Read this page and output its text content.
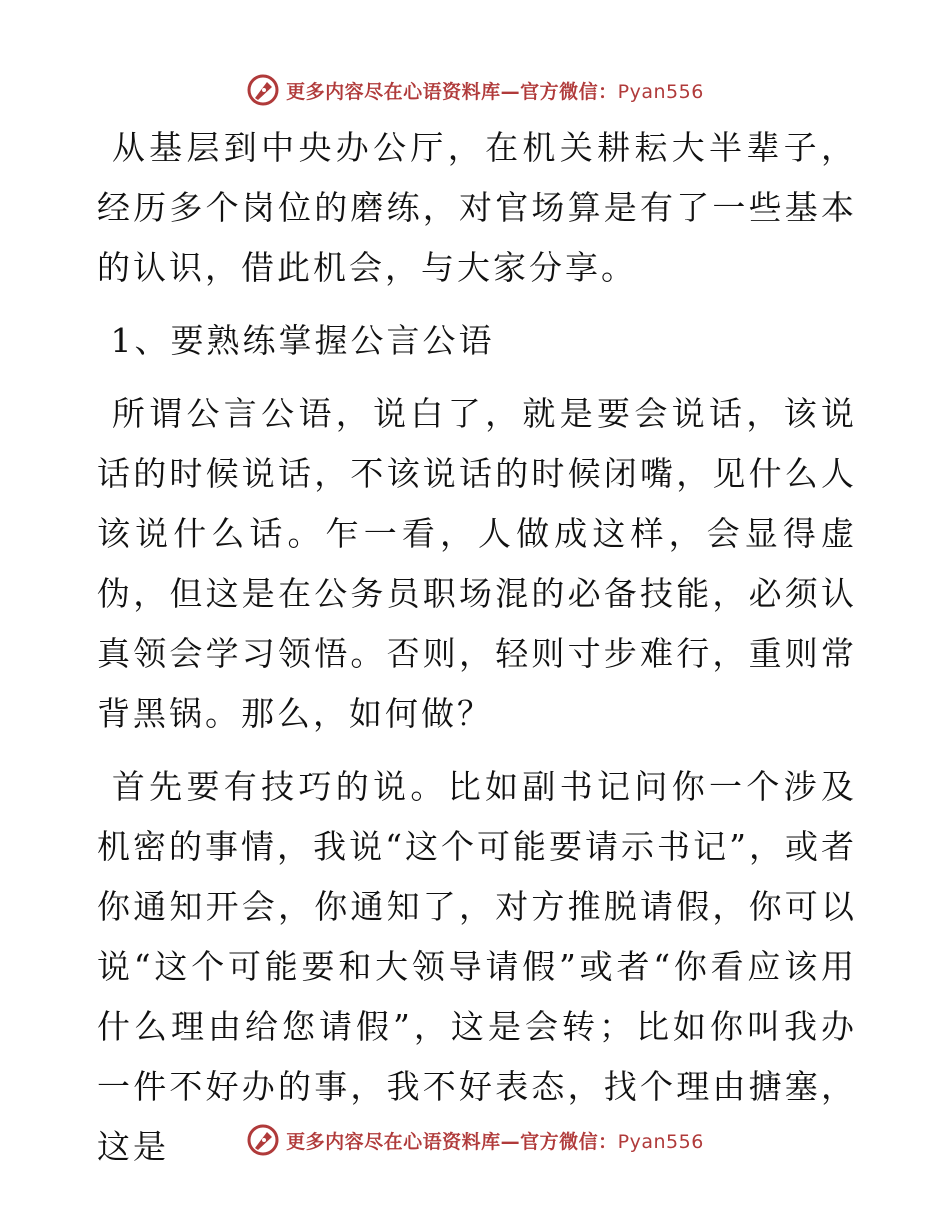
更多内容尽在心语资料库—官方微信：Pyan556

从基层到中央办公厅，在机关耕耘大半辈子，经历多个岗位的磨练，对官场算是有了一些基本的认识，借此机会，与大家分享。

1、要熟练掌握公言公语

所谓公言公语，说白了，就是要会说话，该说话的时候说话，不该说话的时候闭嘴，见什么人该说什么话。乍一看，人做成这样，会显得虚伪，但这是在公务员职场混的必备技能，必须认真领会学习领悟。否则，轻则寸步难行，重则常背黑锅。那么，如何做？

首先要有技巧的说。比如副书记问你一个涉及机密的事情，我说“这个可能要请示书记”，或者你通知开会，你通知了，对方推脱请假，你可以说“这个可能要和大领导请假”或者“你看应该用什么理由给您请假”，这是会转；比如你叫我办一件不好办的事，我不好表态，找个理由搪塞，这是	更多内容尽在心语资料库—官方微信：Pyan556
